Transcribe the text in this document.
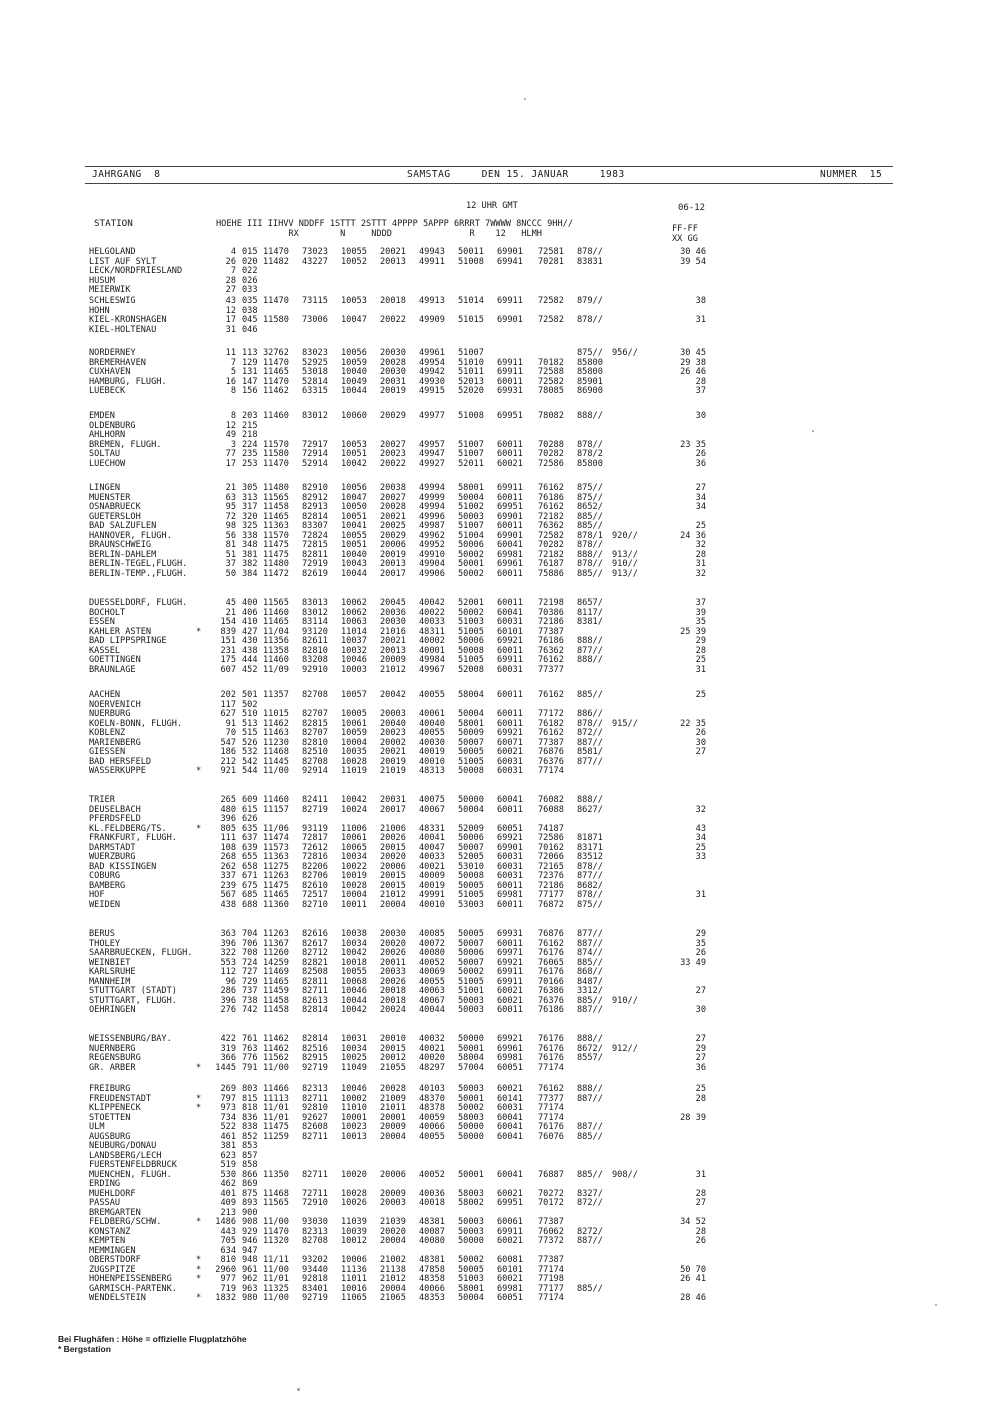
JAHRGANG  8	SAMSTAG     DEN 15. JANUAR     1983	NUMMER  15
12 UHR GMT	06-12
STATION	HOEHE III IIHVV NDDFF 1STTT 2STTT 4PPPP 5APPP 6RRRT 7WWWW 8NCCC 9HH//
RX        N     NDDD               R    12   HLMH	FF-FF
XX GG
HELGOLAND	4 015 11470 73023 10055 20021 49943 50011 69901 72581 878//	30 46
LIST AUF SYLT	26 020 11482 43227 10052 20013 49911 51008 69941 70281 83831	39 54
LECK/NORDFRIESLAND	7 022
HUSUM	28 026
MEIERWIK	27 033
SCHLESWIG	43 035 11470 73115 10053 20018 49913 51014 69911 72582 879//	38
HOHN	12 038
KIEL-KRONSHAGEN	17 045 11580 73006 10047 20022 49909 51015 69901 72582 878//	31
KIEL-HOLTENAU	31 046
NORDERNEY	11 113 32762 83023 10056 20030 49961 51007	875// 956//	30 45
BREMERHAVEN	7 129 11470 52925 10059 20028 49954 51010 69911 70182 85800	29 38
CUXHAVEN	5 131 11465 53018 10040 20030 49942 51011 69911 72588 85800	26 46
HAMBURG, FLUGH.	16 147 11470 52814 10049 20031 49930 52013 60011 72582 85901	28
LUEBECK	8 156 11462 63315 10044 20019 49915 52020 69931 78085 86900	37
EMDEN	8 203 11460 83012 10060 20029 49977 51008 69951 78082 888//	30
OLDENBURG	12 215
AHLHORN	49 218
BREMEN, FLUGH.	3 224 11570 72917 10053 20027 49957 51007 60011 70288 878//	23 35
SOLTAU	77 235 11580 72914 10051 20023 49947 51007 60011 70282 878/2	26
LUECHOW	17 253 11470 52914 10042 20022 49927 52011 60021 72586 85800	36
LINGEN	21 305 11480 82910 10056 20038 49994 58001 69911 76162 875//	27
MUENSTER	63 313 11565 82912 10047 20027 49999 50004 60011 76186 875//	34
OSNABRUECK	95 317 11458 82913 10050 20028 49994 51002 69951 76162 8652/	34
GUETERSLOH	72 320 11465 82814 10051 20021 49996 50003 69901 72182 885//
BAD SALZUFLEN	98 325 11363 83307 10041 20025 49987 51007 60011 76362 885//	25
HANNOVER, FLUGH.	56 338 11570 72824 10055 20029 49962 51004 69901 72582 878/1 920//	24 36
BRAUNSCHWEIG	81 348 11475 72815 10051 20006 49952 50006 60041 70282 878//	32
BERLIN-DAHLEM	51 381 11475 82811 10040 20019 49910 50002 69981 72182 888// 913//	28
BERLIN-TEGEL,FLUGH.	37 382 11480 72919 10043 20013 49904 50001 69961 76187 878// 910//	31
BERLIN-TEMP.,FLUGH.	50 384 11472 82619 10044 20017 49906 50002 60011 75886 885// 913//	32
DUESSELDORF, FLUGH.	45 400 11565 83013 10062 20045 40042 52001 60011 72198 8657/	37
BOCHOLT	21 406 11460 83012 10062 20036 40022 50002 60041 70386 8117/	39
ESSEN	154 410 11465 83114 10063 20030 40033 51003 60031 72186 8381/	35
KAHLER ASTEN	*	839 427 11/04 93120 11014 21016 48311 51005 60101 77387	25 39
BAD LIPPSPRINGE	151 430 11356 82611 10037 20021 40002 50006 69921 76186 888//	29
KASSEL	231 438 11358 82810 10032 20013 40001 50008 60011 76362 877//	28
GOETTINGEN	175 444 11460 83208 10046 20009 49984 51005 69911 76162 888//	25
BRAUNLAGE	607 452 11/09 92910 10003 21012 49967 52008 60031 77377	31
AACHEN	202 501 11357 82708 10057 20042 40055 58004 60011 76162 885//	25
NOERVENICH	117 502
NUERBURG	627 510 11015 82707 10005 20003 40061 50004 60011 77172 886//
KOELN-BONN, FLUGH.	91 513 11462 82815 10061 20040 40040 58001 60011 76182 878// 915//	22 35
KOBLENZ	70 515 11463 82707 10059 20023 40055 50009 69921 76162 872//	26
MARIENBERG	547 526 11230 82810 10004 20002 40030 50007 60071 77387 887//	30
GIESSEN	186 532 11468 82510 10035 20021 40019 50005 60021 76876 8581/	27
BAD HERSFELD	212 542 11445 82708 10028 20019 40010 51005 60031 76376 877//
WASSERKUPPE	*	921 544 11/00 92914 11019 21019 48313 50008 60031 77174
TRIER	265 609 11460 82411 10042 20031 40075 50000 60041 76082 888//
DEUSELBACH	480 615 11157 82719 10024 20017 40067 50004 60011 76088 8627/	32
PFERDSFELD	396 626
KL.FELDBERG/TS.	*	805 635 11/06 93119 11006 21006 48331 52009 60051 74187	43
FRANKFURT, FLUGH.	111 637 11474 72817 10061 20026 40041 50006 69921 72586 81871	34
DARMSTADT	108 639 11573 72612 10065 20015 40047 50007 69901 70162 83171	25
WUERZBURG	268 655 11363 72816 10034 20020 40033 52005 60031 72066 83512	33
BAD KISSINGEN	262 658 11275 82206 10022 20006 40021 53010 60031 72165 878//
COBURG	337 671 11263 82706 10019 20015 40009 50008 60031 72376 877//
BAMBERG	239 675 11475 82610 10028 20015 40019 50005 60011 72186 8682/
HOF	567 685 11465 72517 10004 21012 49991 51005 69981 77177 878//	31
WEIDEN	438 688 11360 82710 10011 20004 40010 53003 60011 76872 875//
BERUS	363 704 11263 82616 10038 20030 40085 50005 69931 76876 877//	29
THOLEY	396 706 11367 82617 10034 20020 40072 50007 60011 76162 887//	35
SAARBRUECKEN, FLUGH.	322 708 11260 82712 10042 20026 40080 50006 69971 76176 874//	26
WEINBIET	553 724 14259 82821 10018 20011 40052 50007 69921 76065 885//	33 49
KARLSRUHE	112 727 11469 82508 10055 20033 40069 50002 69911 76176 868//
MANNHEIM	96 729 11465 82811 10068 20026 40055 51005 69911 70166 8487/
STUTTGART (STADT)	286 737 11459 82711 10046 20018 40063 51001 60021 76386 3312/	27
STUTTGART, FLUGH.	396 738 11458 82613 10044 20018 40067 50003 60021 76376 885// 910//
OEHRINGEN	276 742 11458 82814 10042 20024 40044 50003 60011 76186 887//	30
WEISSENBURG/BAY.	422 761 11462 82814 10031 20010 40032 50000 69921 76176 888//	27
NUERNBERG	319 763 11462 82516 10034 20015 40021 50001 69961 76176 8672/ 912//	29
REGENSBURG	366 776 11562 82915 10025 20012 40020 58004 69981 76176 8557/	27
GR. ARBER	*	1445 791 11/00 92719 11049 21055 48297 57004 60051 77174	36
FREIBURG	269 803 11466 82313 10046 20028 40103 50003 60021 76162 888//	25
FREUDENSTADT	*	797 815 11113 82711 10002 21009 48370 50001 60141 77377 887//	28
KLIPPENECK	*	973 818 11/01 92810 11010 21011 48378 50002 60031 77174
STOETTEN	734 836 11/01 92627 10001 20001 40059 58003 60041 77174	28 39
ULM	522 838 11475 82608 10023 20009 40066 50000 60041 76176 887//
AUGSBURG	461 852 11259 82711 10013 20004 40055 50000 60041 76076 885//
NEUBURG/DONAU	381 853
LANDSBERG/LECH	623 857
FUERSTENFELDBRUCK	519 858
MUENCHEN, FLUGH.	530 866 11350 82711 10020 20006 40052 50001 60041 76887 885// 908//	31
ERDING	462 869
MUEHLDORF	401 875 11468 72711 10028 20009 40036 58003 60021 70272 8327/	28
PASSAU	409 893 11565 72910 10026 20003 40018 58002 69951 70172 872//	27
BREMGARTEN	213 900
FELDBERG/SCHW.	*	1486 908 11/00 93030 11039 21039 48381 50003 60061 77387	34 52
KONSTANZ	443 929 11470 82313 10039 20020 40087 50003 69911 76062 8272/	28
KEMPTEN	705 946 11320 82708 10012 20004 40080 50000 60021 77372 887//	26
MEMMINGEN	634 947
OBERSTDORF	*	810 948 11/11 93202 10006 21002 48381 50002 60081 77387
ZUGSPITZE	*	2960 961 11/00 93440 11136 21138 47858 50005 60101 77174	50 70
HOHENPEISSENBERG	*	977 962 11/01 92818 11011 21012 48358 51003 60021 77198	26 41
GARMISCH-PARTENK.	719 963 11325 83401 10016 20004 40066 58001 69981 77177 885//
WENDELSTEIN	*	1832 980 11/00 92719 11065 21065 48353 50004 60051 77174	28 46
Bei Flughäfen : Höhe = offizielle Flugplatzhöhe
* Bergstation
